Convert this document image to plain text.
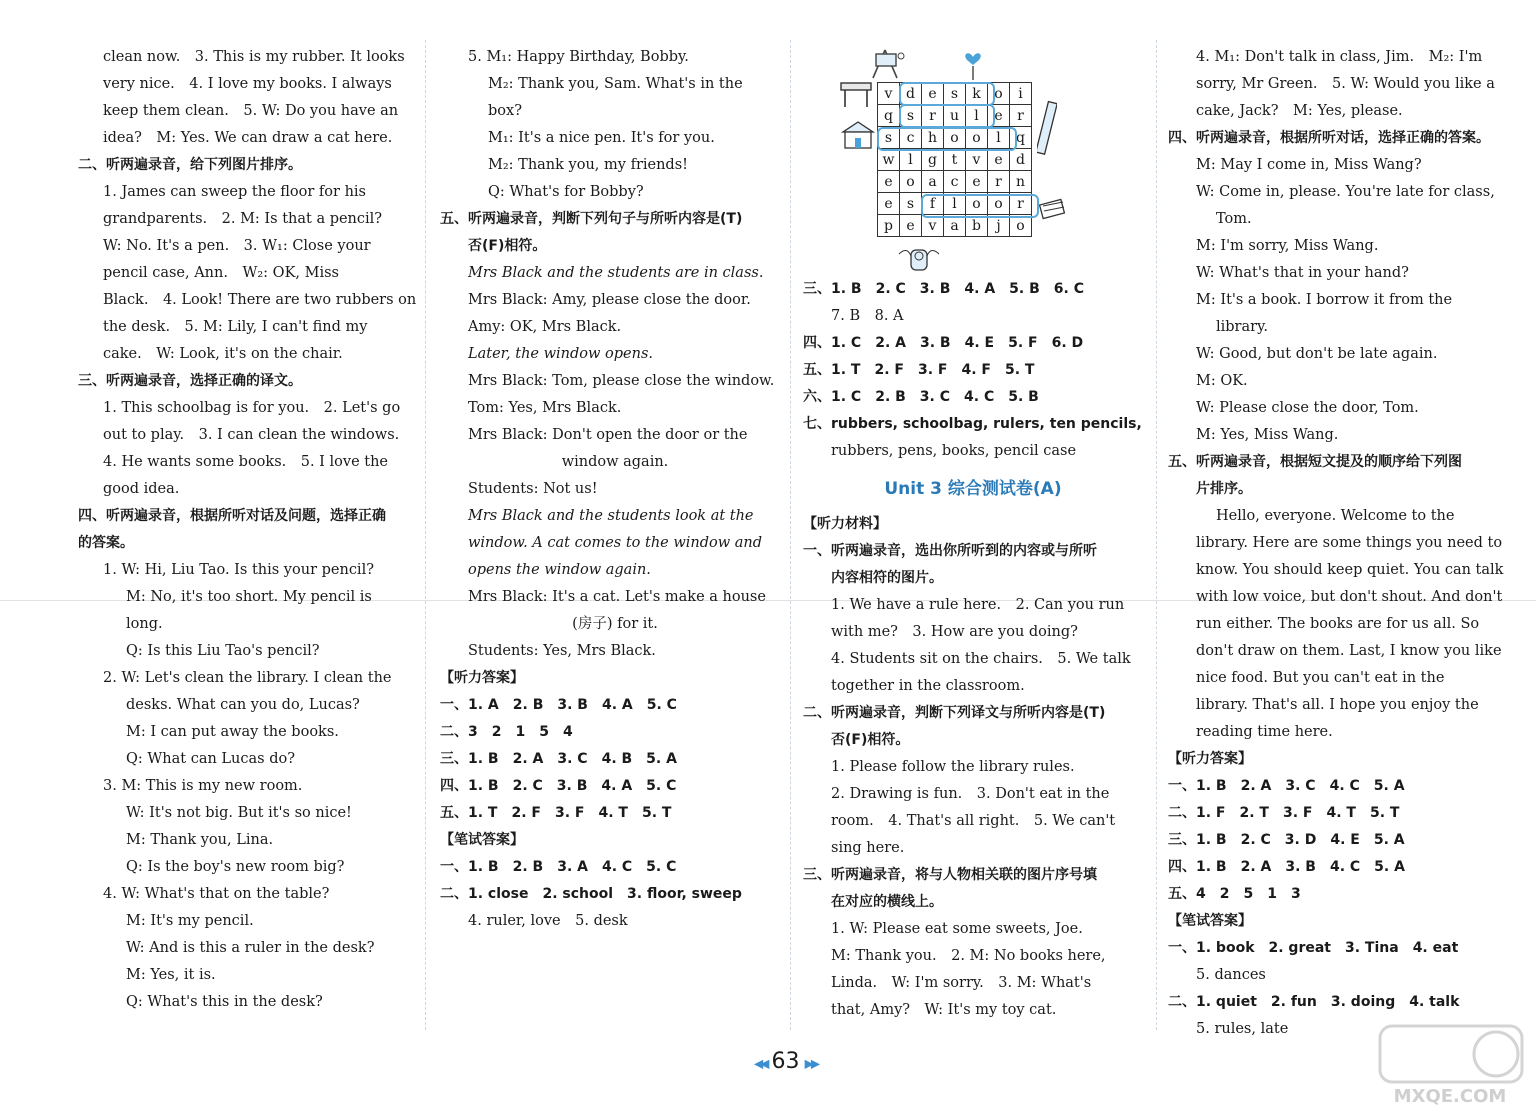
clean now.　3. This is my rubber. It looks
very nice.　4. I love my books. I always
keep them clean.　5. W: Do you have an
idea?　M: Yes. We can draw a cat here.
二、听两遍录音，给下列图片排序。
1. James can sweep the floor for his
grandparents.　2. M: Is that a pencil?
W: No. It's a pen.　3. W₁: Close your
pencil case, Ann.　W₂: OK, Miss
Black.　4. Look! There are two rubbers on
the desk.　5. M: Lily, I can't find my
cake.　W: Look, it's on the chair.
三、听两遍录音，选择正确的译文。
1. This schoolbag is for you.　2. Let's go
out to play.　3. I can clean the windows.
4. He wants some books.　5. I love the
good idea.
四、听两遍录音，根据所听对话及问题，选择正确
的答案。
1. W: Hi, Liu Tao. Is this your pencil?
M: No, it's too short. My pencil is
long.
Q: Is this Liu Tao's pencil?
2. W: Let's clean the library. I clean the
desks. What can you do, Lucas?
M: I can put away the books.
Q: What can Lucas do?
3. M: This is my new room.
W: It's not big. But it's so nice!
M: Thank you, Lina.
Q: Is the boy's new room big?
4. W: What's that on the table?
M: It's my pencil.
W: And is this a ruler in the desk?
M: Yes, it is.
Q: What's this in the desk?
5. M₁: Happy Birthday, Bobby.
M₂: Thank you, Sam. What's in the
box?
M₁: It's a nice pen. It's for you.
M₂: Thank you, my friends!
Q: What's for Bobby?
五、听两遍录音，判断下列句子与所听内容是(T)
否(F)相符。
Mrs Black and the students are in class.
Mrs Black: Amy, please close the door.
Amy: OK, Mrs Black.
Later, the window opens.
Mrs Black: Tom, please close the window.
Tom: Yes, Mrs Black.
Mrs Black: Don't open the door or the
window again.
Students: Not us!
Mrs Black and the students look at the
window. A cat comes to the window and
opens the window again.
Mrs Black: It's a cat. Let's make a house
(房子) for it.
Students: Yes, Mrs Black.
【听力答案】
一、1. A　2. B　3. B　4. A　5. C
二、3　2　1　5　4
三、1. B　2. A　3. C　4. B　5. A
四、1. B　2. C　3. B　4. A　5. C
五、1. T　2. F　3. F　4. T　5. T
【笔试答案】
一、1. B　2. B　3. A　4. C　5. C
二、1. close　2. school　3. floor, sweep
4. ruler, love　5. desk
v	d	e	s	k	o	i
q	s	r	u	l	e	r
s	c	h	o	o	l	q
w	l	g	t	v	e	d
e	o	a	c	e	r	n
e	s	f	l	o	o	r
p	e	v	a	b	j	o
三、1. B　2. C　3. B　4. A　5. B　6. C
7. B　8. A
四、1. C　2. A　3. B　4. E　5. F　6. D
五、1. T　2. F　3. F　4. F　5. T
六、1. C　2. B　3. C　4. C　5. B
七、rubbers, schoolbag, rulers, ten pencils,
rubbers, pens, books, pencil case
Unit 3 综合测试卷(A)
【听力材料】
一、听两遍录音，选出你所听到的内容或与所听
内容相符的图片。
1. We have a rule here.　2. Can you run
with me?　3. How are you doing?
4. Students sit on the chairs.　5. We talk
together in the classroom.
二、听两遍录音，判断下列译文与所听内容是(T)
否(F)相符。
1. Please follow the library rules.
2. Drawing is fun.　3. Don't eat in the
room.　4. That's all right.　5. We can't
sing here.
三、听两遍录音，将与人物相关联的图片序号填
在对应的横线上。
1. W: Please eat some sweets, Joe.
M: Thank you.　2. M: No books here,
Linda.　W: I'm sorry.　3. M: What's
that, Amy?　W: It's my toy cat.
4. M₁: Don't talk in class, Jim.　M₂: I'm
sorry, Mr Green.　5. W: Would you like a
cake, Jack?　M: Yes, please.
四、听两遍录音，根据所听对话，选择正确的答案。
M: May I come in, Miss Wang?
W: Come in, please. You're late for class,
Tom.
M: I'm sorry, Miss Wang.
W: What's that in your hand?
M: It's a book. I borrow it from the
library.
W: Good, but don't be late again.
M: OK.
W: Please close the door, Tom.
M: Yes, Miss Wang.
五、听两遍录音，根据短文提及的顺序给下列图
片排序。
Hello, everyone. Welcome to the
library. Here are some things you need to
know. You should keep quiet. You can talk
with low voice, but don't shout. And don't
run either. The books are for us all. So
don't draw on them. Last, I know you like
nice food. But you can't eat in the
library. That's all. I hope you enjoy the
reading time here.
【听力答案】
一、1. B　2. A　3. C　4. C　5. A
二、1. F　2. T　3. F　4. T　5. T
三、1. B　2. C　3. D　4. E　5. A
四、1. B　2. A　3. B　4. C　5. A
五、4　2　5　1　3
【笔试答案】
一、1. book　2. great　3. Tina　4. eat
5. dances
二、1. quiet　2. fun　3. doing　4. talk
5. rules, late
◀◀ 63 ▶▶
MXQE.COM
